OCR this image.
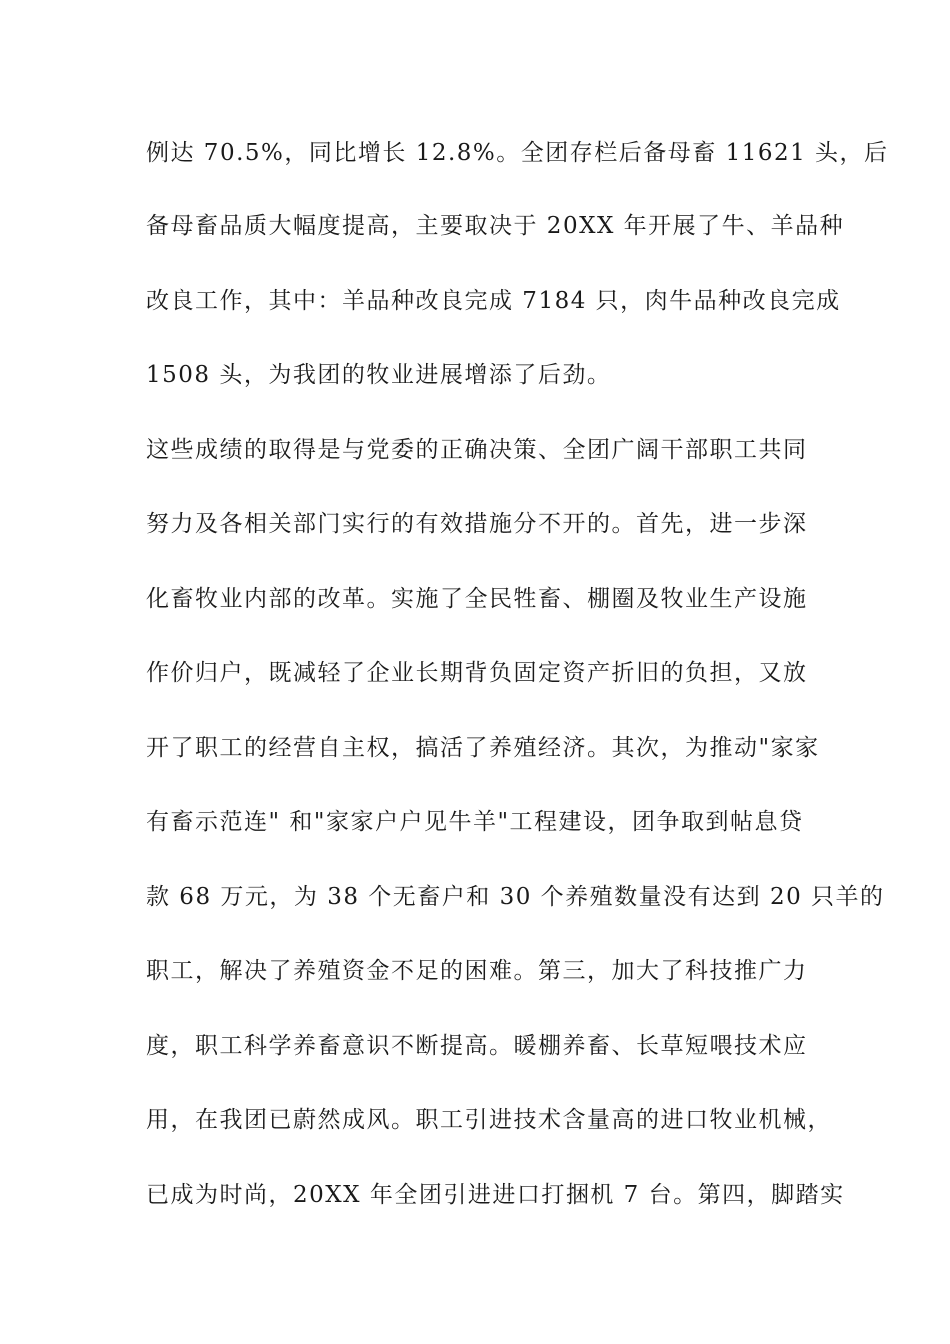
例达 70.5%，同比增长 12.8%。全团存栏后备母畜 11621 头，后
备母畜品质大幅度提高，主要取决于 20XX 年开展了牛、羊品种
改良工作，其中：羊品种改良完成 7184 只，肉牛品种改良完成
1508 头，为我团的牧业进展增添了后劲。
这些成绩的取得是与党委的正确决策、全团广阔干部职工共同
努力及各相关部门实行的有效措施分不开的。首先，进一步深
化畜牧业内部的改革。实施了全民牲畜、棚圈及牧业生产设施
作价归户，既减轻了企业长期背负固定资产折旧的负担，又放
开了职工的经营自主权，搞活了养殖经济。其次，为推动"家家
有畜示范连" 和"家家户户见牛羊"工程建设，团争取到帖息贷
款 68 万元，为 38 个无畜户和 30 个养殖数量没有达到 20 只羊的
职工，解决了养殖资金不足的困难。第三，加大了科技推广力
度，职工科学养畜意识不断提高。暖棚养畜、长草短喂技术应
用，在我团已蔚然成风。职工引进技术含量高的进口牧业机械，
已成为时尚，20XX 年全团引进进口打捆机 7 台。第四，脚踏实
